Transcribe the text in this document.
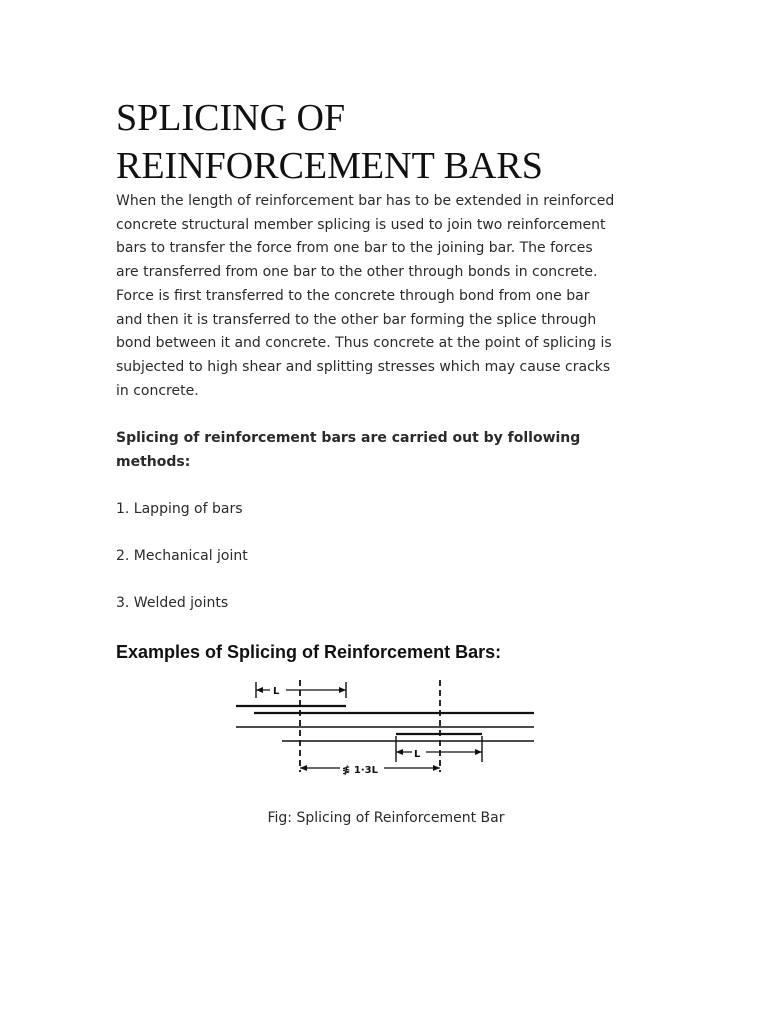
SPLICING OF
REINFORCEMENT BARS

When the length of reinforcement bar has to be extended in reinforced
concrete structural member splicing is used to join two reinforcement
bars to transfer the force from one bar to the joining bar. The forces
are transferred from one bar to the other through bonds in concrete.
Force is first transferred to the concrete through bond from one bar
and then it is transferred to the other bar forming the splice through
bond between it and concrete. Thus concrete at the point of splicing is
subjected to high shear and splitting stresses which may cause cracks
in concrete.

Splicing of reinforcement bars are carried out by following
methods:

1. Lapping of bars

2. Mechanical joint

3. Welded joints

Examples of Splicing of Reinforcement Bars:
L
L
≸ 1·3L

Fig: Splicing of Reinforcement Bar
